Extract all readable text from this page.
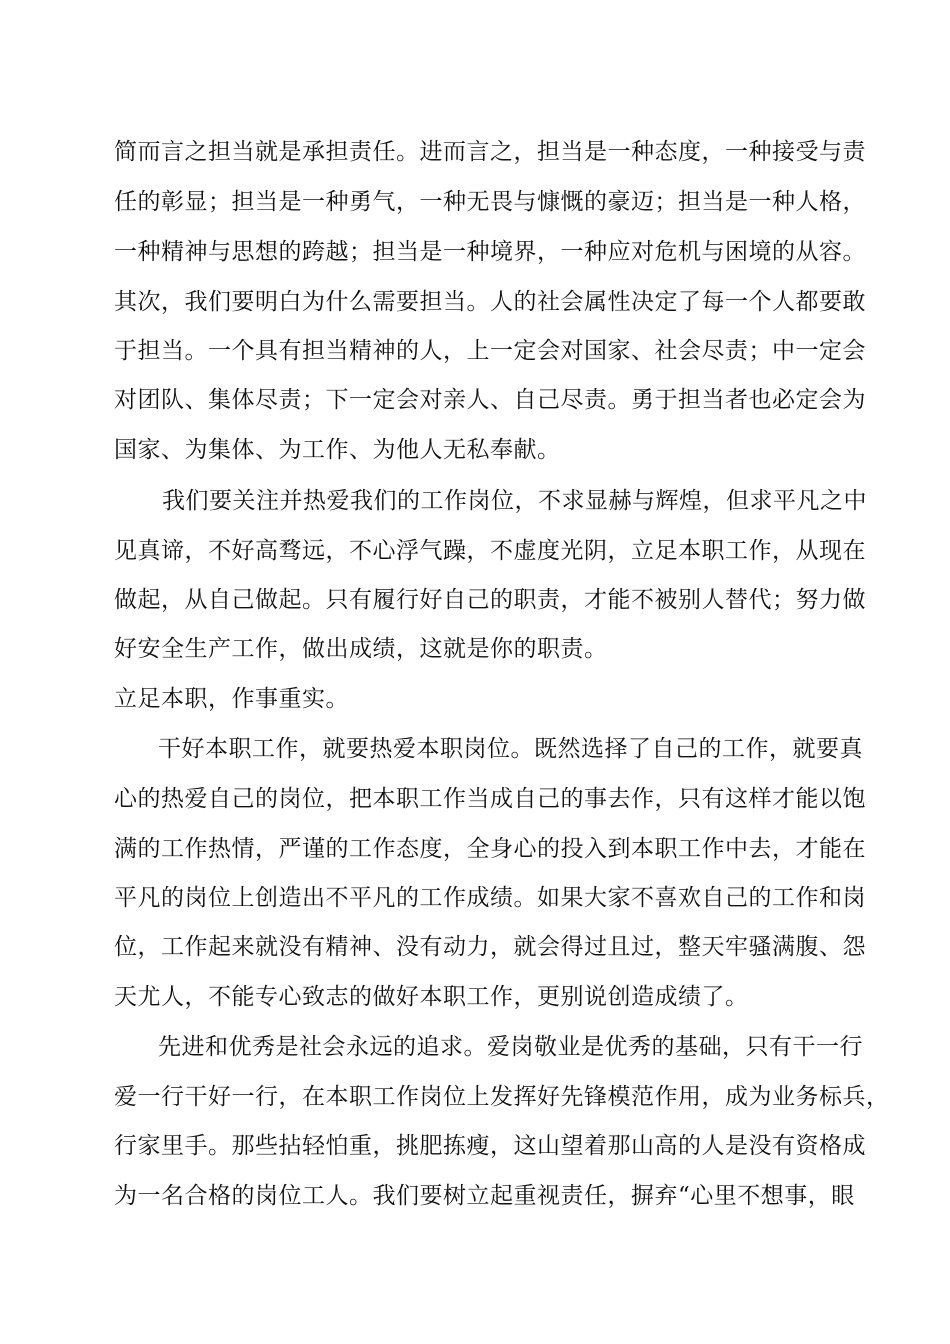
简而言之担当就是承担责任。进而言之，担当是一种态度，一种接受与责
任的彰显；担当是一种勇气，一种无畏与慷慨的豪迈；担当是一种人格，
一种精神与思想的跨越；担当是一种境界，一种应对危机与困境的从容。
其次，我们要明白为什么需要担当。人的社会属性决定了每一个人都要敢
于担当。一个具有担当精神的人，上一定会对国家、社会尽责；中一定会
对团队、集体尽责；下一定会对亲人、自己尽责。勇于担当者也必定会为
国家、为集体、为工作、为他人无私奉献。
我们要关注并热爱我们的工作岗位，不求显赫与辉煌，但求平凡之中
见真谛，不好高骛远，不心浮气躁，不虚度光阴，立足本职工作，从现在
做起，从自己做起。只有履行好自己的职责，才能不被别人替代；努力做
好安全生产工作，做出成绩，这就是你的职责。
立足本职，作事重实。
干好本职工作，就要热爱本职岗位。既然选择了自己的工作，就要真
心的热爱自己的岗位，把本职工作当成自己的事去作，只有这样才能以饱
满的工作热情，严谨的工作态度，全身心的投入到本职工作中去，才能在
平凡的岗位上创造出不平凡的工作成绩。如果大家不喜欢自己的工作和岗
位，工作起来就没有精神、没有动力，就会得过且过，整天牢骚满腹、怨
天尤人，不能专心致志的做好本职工作，更别说创造成绩了。
先进和优秀是社会永远的追求。爱岗敬业是优秀的基础，只有干一行
爱一行干好一行，在本职工作岗位上发挥好先锋模范作用，成为业务标兵，
行家里手。那些拈轻怕重，挑肥拣瘦，这山望着那山高的人是没有资格成
为一名合格的岗位工人。我们要树立起重视责任，摒弃“心里不想事，眼
